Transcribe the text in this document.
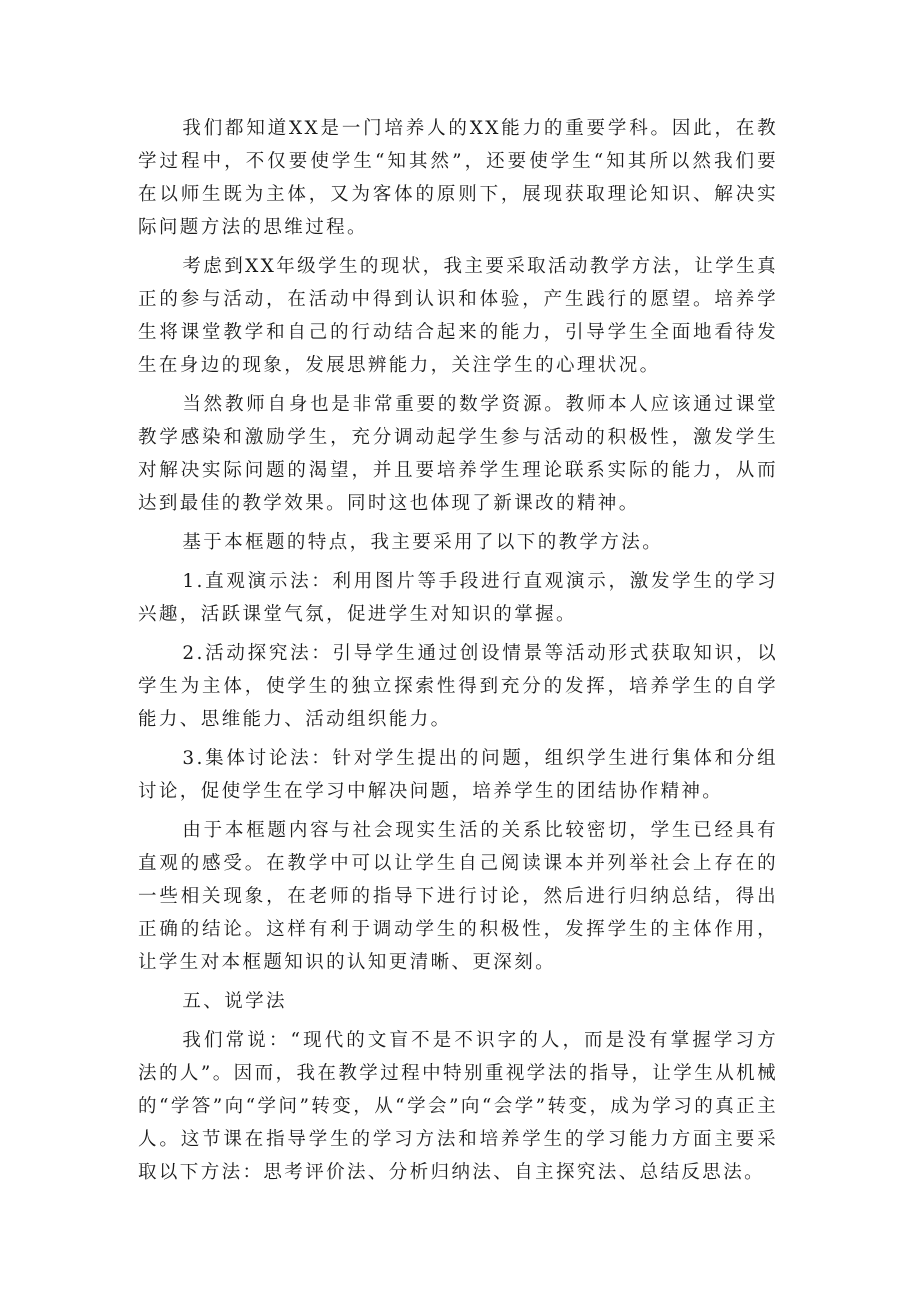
我们都知道XX是一门培养人的XX能力的重要学科。因此，在教学过程中，不仅要使学生“知其然”，还要使学生“知其所以然我们要在以师生既为主体，又为客体的原则下，展现获取理论知识、解决实际问题方法的思维过程。

考虑到XX年级学生的现状，我主要采取活动教学方法，让学生真正的参与活动，在活动中得到认识和体验，产生践行的愿望。培养学生将课堂教学和自己的行动结合起来的能力，引导学生全面地看待发生在身边的现象，发展思辨能力，关注学生的心理状况。

当然教师自身也是非常重要的数学资源。教师本人应该通过课堂教学感染和激励学生，充分调动起学生参与活动的积极性，激发学生对解决实际问题的渴望，并且要培养学生理论联系实际的能力，从而达到最佳的教学效果。同时这也体现了新课改的精神。

基于本框题的特点，我主要采用了以下的教学方法。

1.直观演示法：利用图片等手段进行直观演示，激发学生的学习兴趣，活跃课堂气氛，促进学生对知识的掌握。

2.活动探究法：引导学生通过创设情景等活动形式获取知识，以学生为主体，使学生的独立探索性得到充分的发挥，培养学生的自学能力、思维能力、活动组织能力。

3.集体讨论法：针对学生提出的问题，组织学生进行集体和分组讨论，促使学生在学习中解决问题，培养学生的团结协作精神。

由于本框题内容与社会现实生活的关系比较密切，学生已经具有直观的感受。在教学中可以让学生自己阅读课本并列举社会上存在的一些相关现象，在老师的指导下进行讨论，然后进行归纳总结，得出正确的结论。这样有利于调动学生的积极性，发挥学生的主体作用，让学生对本框题知识的认知更清晰、更深刻。

五、说学法

我们常说：“现代的文盲不是不识字的人，而是没有掌握学习方法的人”。因而，我在教学过程中特别重视学法的指导，让学生从机械的“学答”向“学问”转变，从“学会”向“会学”转变，成为学习的真正主人。这节课在指导学生的学习方法和培养学生的学习能力方面主要采取以下方法：思考评价法、分析归纳法、自主探究法、总结反思法。
